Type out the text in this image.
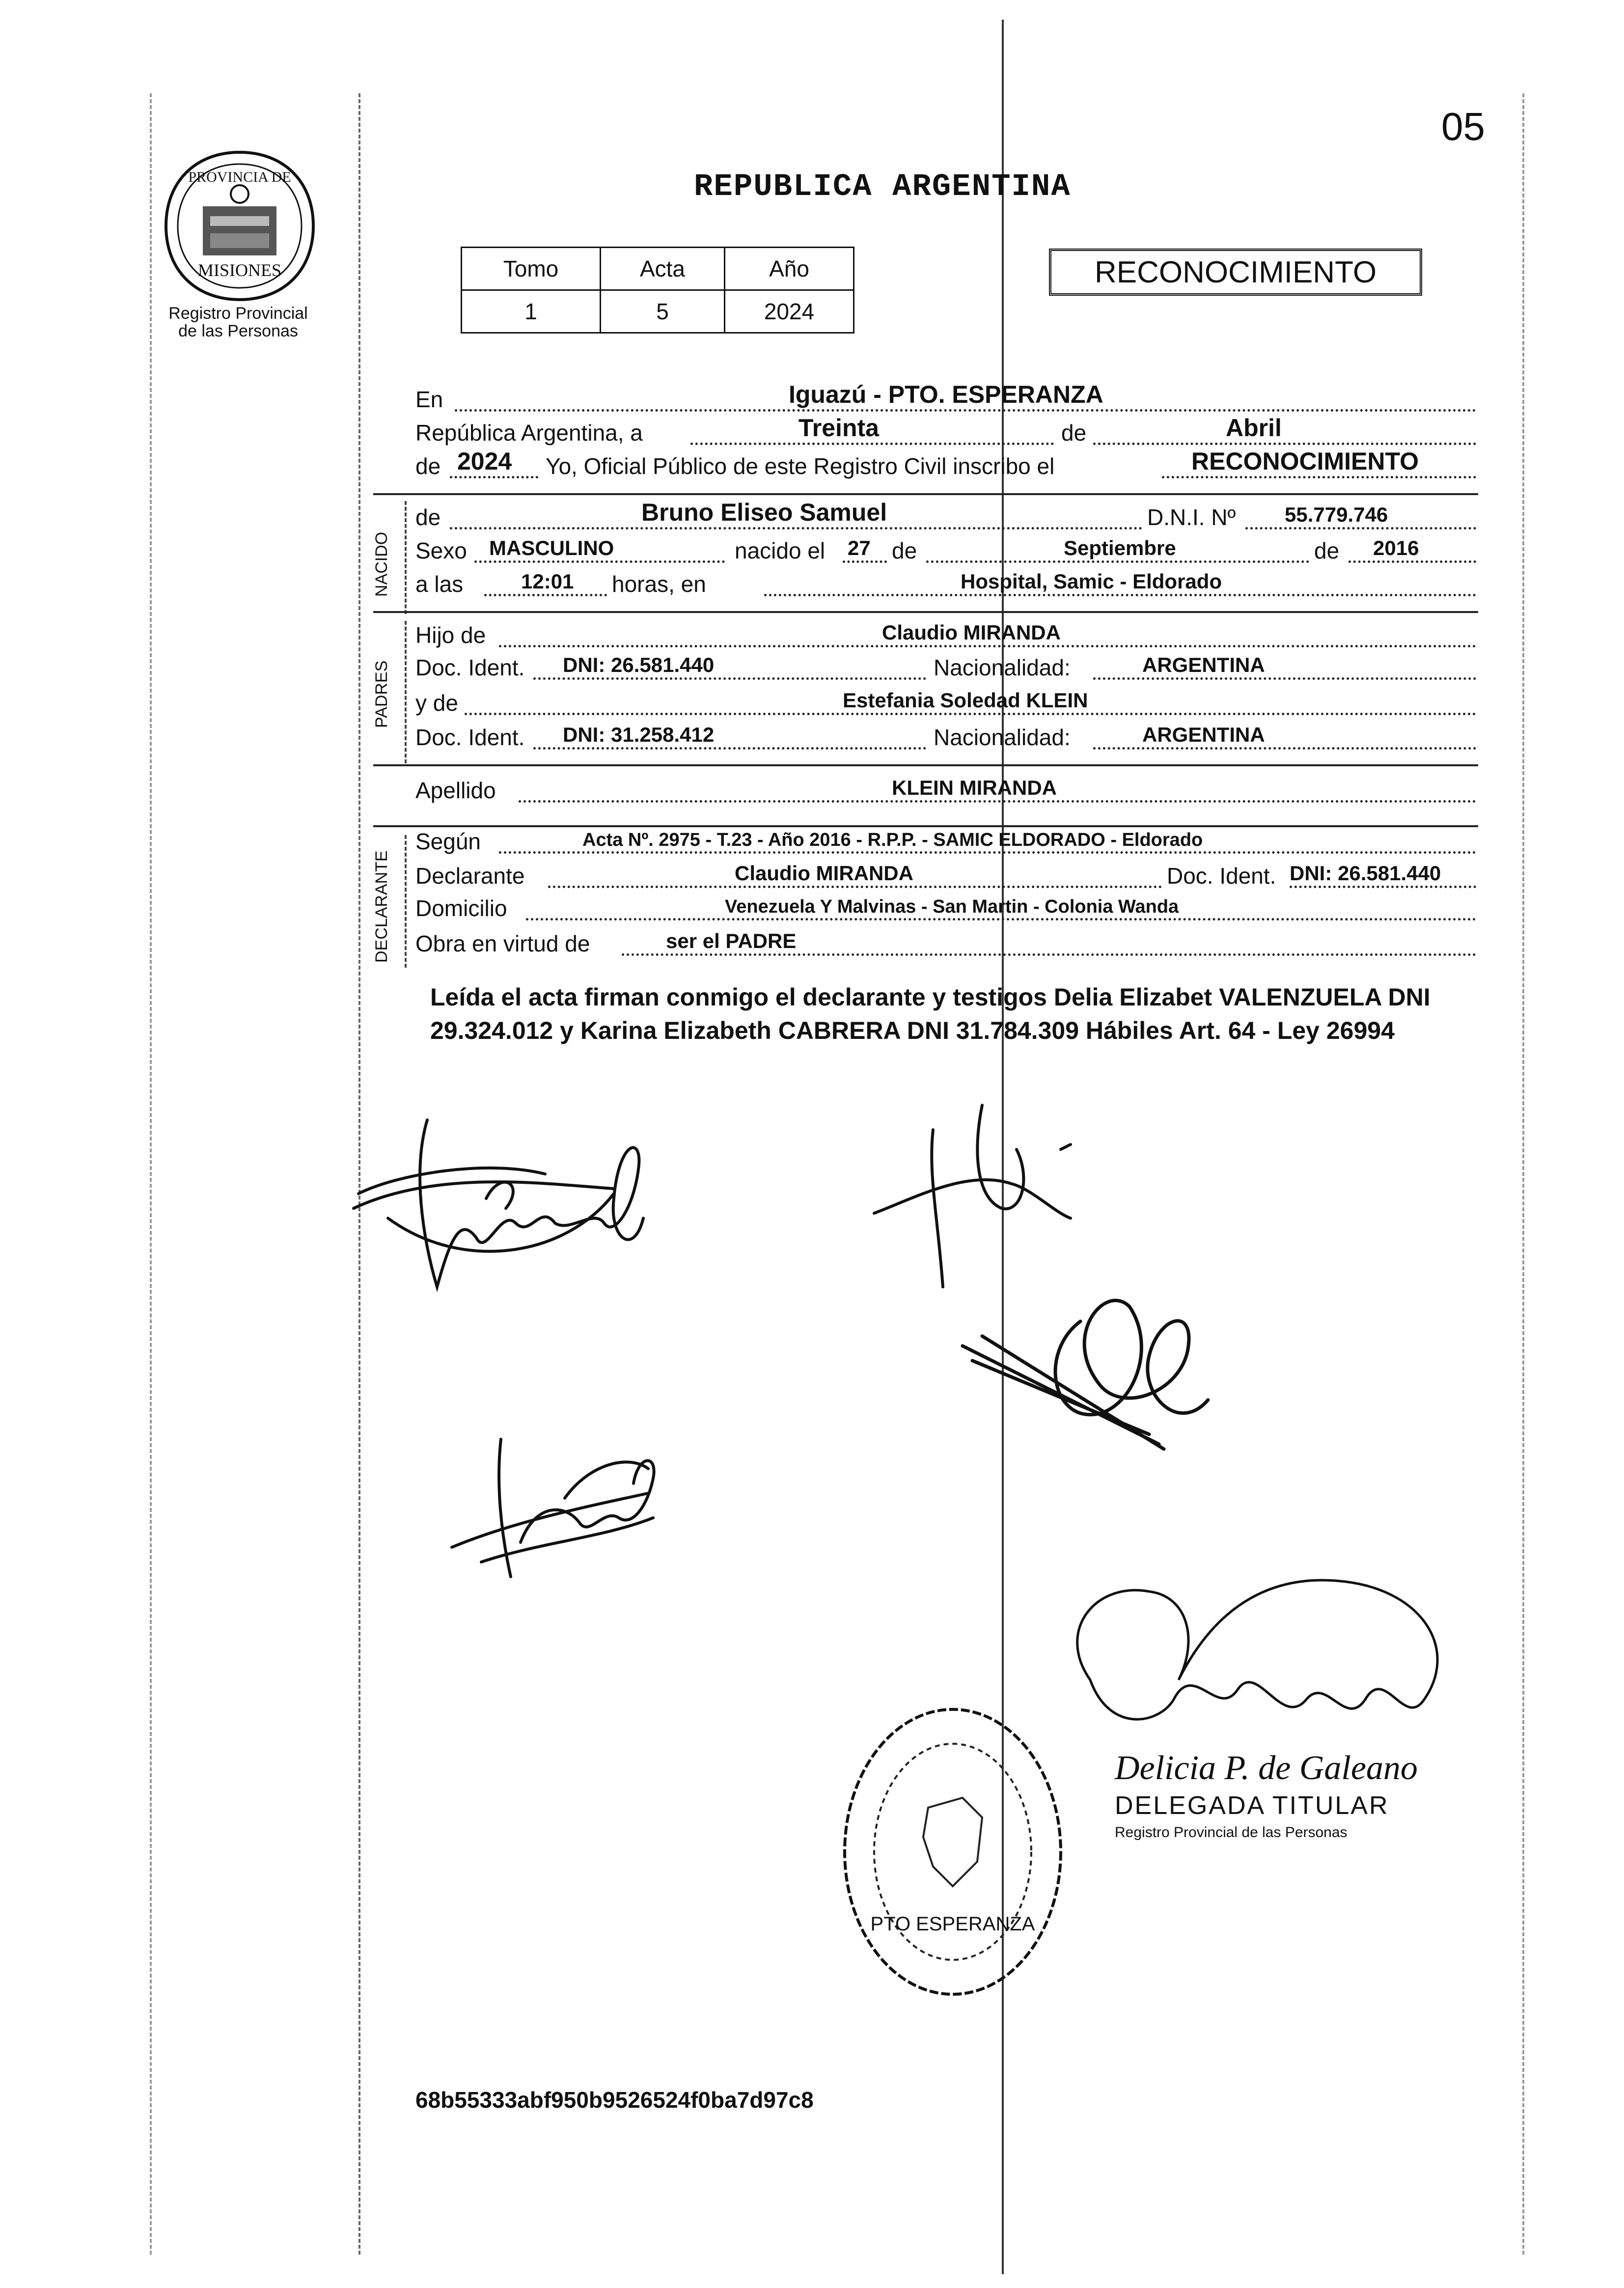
05
PROVINCIA DE
MISIONES
Registro Provincial
de las Personas
REPUBLICA ARGENTINA
Tomo	Acta	Año
1	5	2024
RECONOCIMIENTO
En	Iguazú - PTO. ESPERANZA
República Argentina, a	Treinta	de	Abril
de 2024 Yo, Oficial Público de este Registro Civil inscribo el	RECONOCIMIENTO
NACIDO
de	Bruno Eliseo Samuel	D.N.I. Nº 55.779.746
Sexo MASCULINO	nacido el 27 de	Septiembre	de 2016
a las	12:01 horas, en	Hospital, Samic - Eldorado
PADRES
Hijo de	Claudio MIRANDA
Doc. Ident. DNI: 26.581.440	Nacionalidad:	ARGENTINA
y de	Estefania Soledad KLEIN
Doc. Ident. DNI: 31.258.412	Nacionalidad:	ARGENTINA
Apellido	KLEIN MIRANDA
DECLARANTE
Según	Acta Nº. 2975 - T.23 - Año 2016 - R.P.P. - SAMIC ELDORADO - Eldorado
Declarante	Claudio MIRANDA	Doc. Ident. DNI: 26.581.440
Domicilio	Venezuela Y Malvinas - San Martin - Colonia Wanda
Obra en virtud de	ser el PADRE
Leída el acta firman conmigo el declarante y testigos Delia Elizabet VALENZUELA DNI 29.324.012 y Karina Elizabeth CABRERA DNI 31.784.309 Hábiles Art. 64 - Ley 26994
PTO ESPERANZA
Delicia P. de Galeano
DELEGADA TITULAR
Registro Provincial de las Personas
68b55333abf950b9526524f0ba7d97c8
